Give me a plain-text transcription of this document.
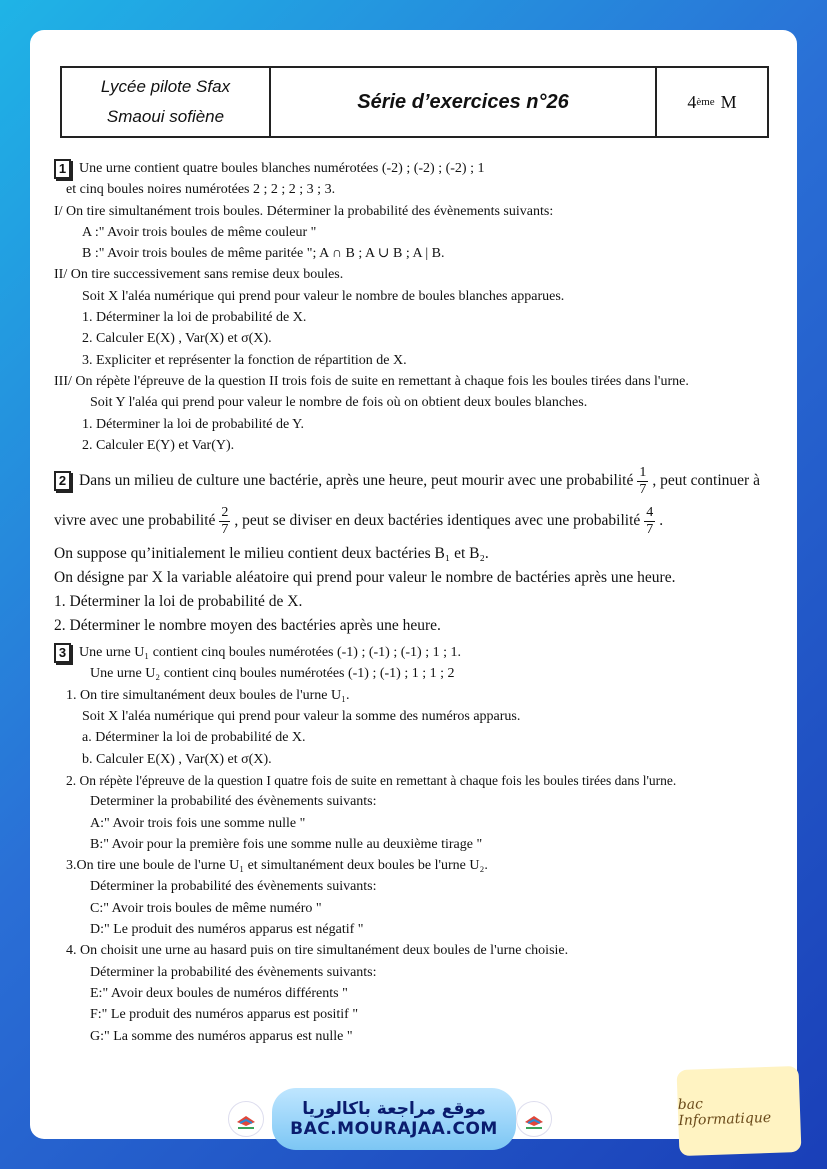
Lycée pilote Sfax
Smaoui sofiène
Série d’exercices n°26	4 ème M
1 Une urne contient quatre boules blanches numérotées (-2) ; (-2) ; (-2) ; 1
et cinq boules noires numérotées 2 ; 2 ; 2 ; 3 ; 3.
I/ On tire simultanément trois boules. Déterminer la probabilité des évènements suivants:
A :" Avoir trois boules de même couleur "
B :" Avoir trois boules de même paritée "; A ∩ B ; A ∪ B ; A | B.
II/ On tire successivement sans remise deux boules.
Soit X l'aléa numérique qui prend pour valeur le nombre de boules blanches apparues.
1. Déterminer la loi de probabilité de X.
2. Calculer E(X) , Var(X) et σ(X).
3. Expliciter et représenter la fonction de répartition de X.
III/ On répète l'épreuve de la question II trois fois de suite en remettant à chaque fois les boules tirées dans l'urne.
Soit Y l'aléa qui prend pour valeur le nombre de fois où on obtient deux boules blanches.
1. Déterminer la loi de probabilité de Y.
2. Calculer E(Y) et Var(Y).
2 Dans un milieu de culture une bactérie, après une heure, peut mourir avec une probabilité $\frac{1}{7}$ , peut continuer à
vivre avec une probabilité $\frac{2}{7}$ , peut se diviser en deux bactéries identiques avec une probabilité $\frac{4}{7}$ .
On suppose qu’initialement le milieu contient deux bactéries B₁ et B₂.
On désigne par X la variable aléatoire qui prend pour valeur le nombre de bactéries après une heure.
1. Déterminer la loi de probabilité de X.
2. Déterminer le nombre moyen des bactéries après une heure.
3 Une urne U₁ contient cinq boules numérotées (-1) ; (-1) ; (-1) ; 1 ; 1.
Une urne U₂ contient cinq boules numérotées (-1) ; (-1) ; 1 ; 1 ; 2
1. On tire simultanément deux boules de l'urne U₁.
Soit X l'aléa numérique qui prend pour valeur la somme des numéros apparus.
a. Déterminer la loi de probabilité de X.
b. Calculer E(X) , Var(X) et σ(X).
2. On répète l'épreuve de la question I quatre fois de suite en remettant à chaque fois les boules tirées dans l'urne.
Determiner la probabilité des évènements suivants:
A:" Avoir trois fois une somme nulle "
B:" Avoir pour la première fois une somme nulle au deuxième tirage "
3.On tire une boule de l'urne U₁ et simultanément deux boules be l'urne U₂.
Déterminer la probabilité des évènements suivants:
C:" Avoir trois boules de même numéro "
D:" Le produit des numéros apparus est négatif "
4. On choisit une urne au hasard puis on tire simultanément deux boules de l'urne choisie.
Déterminer la probabilité des évènements suivants:
E:" Avoir deux boules de numéros différents "
F:" Le produit des numéros apparus est positif "
G:" La somme des numéros apparus est nulle "
موقع مراجعة باكالوريا
BAC.MOURAJAA.COM
bac Informatique
